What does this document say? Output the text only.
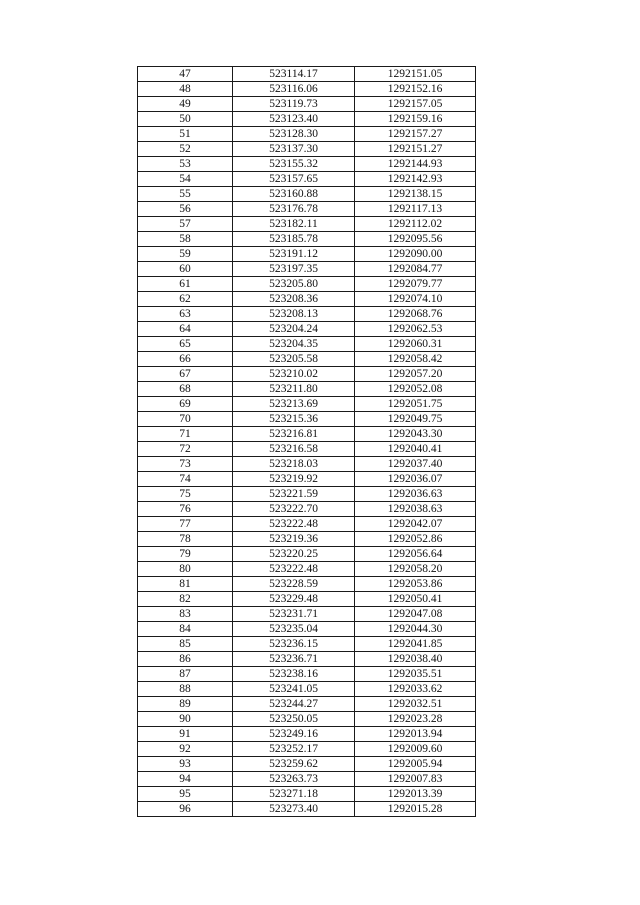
47	523114.17	1292151.05
48	523116.06	1292152.16
49	523119.73	1292157.05
50	523123.40	1292159.16
51	523128.30	1292157.27
52	523137.30	1292151.27
53	523155.32	1292144.93
54	523157.65	1292142.93
55	523160.88	1292138.15
56	523176.78	1292117.13
57	523182.11	1292112.02
58	523185.78	1292095.56
59	523191.12	1292090.00
60	523197.35	1292084.77
61	523205.80	1292079.77
62	523208.36	1292074.10
63	523208.13	1292068.76
64	523204.24	1292062.53
65	523204.35	1292060.31
66	523205.58	1292058.42
67	523210.02	1292057.20
68	523211.80	1292052.08
69	523213.69	1292051.75
70	523215.36	1292049.75
71	523216.81	1292043.30
72	523216.58	1292040.41
73	523218.03	1292037.40
74	523219.92	1292036.07
75	523221.59	1292036.63
76	523222.70	1292038.63
77	523222.48	1292042.07
78	523219.36	1292052.86
79	523220.25	1292056.64
80	523222.48	1292058.20
81	523228.59	1292053.86
82	523229.48	1292050.41
83	523231.71	1292047.08
84	523235.04	1292044.30
85	523236.15	1292041.85
86	523236.71	1292038.40
87	523238.16	1292035.51
88	523241.05	1292033.62
89	523244.27	1292032.51
90	523250.05	1292023.28
91	523249.16	1292013.94
92	523252.17	1292009.60
93	523259.62	1292005.94
94	523263.73	1292007.83
95	523271.18	1292013.39
96	523273.40	1292015.28
